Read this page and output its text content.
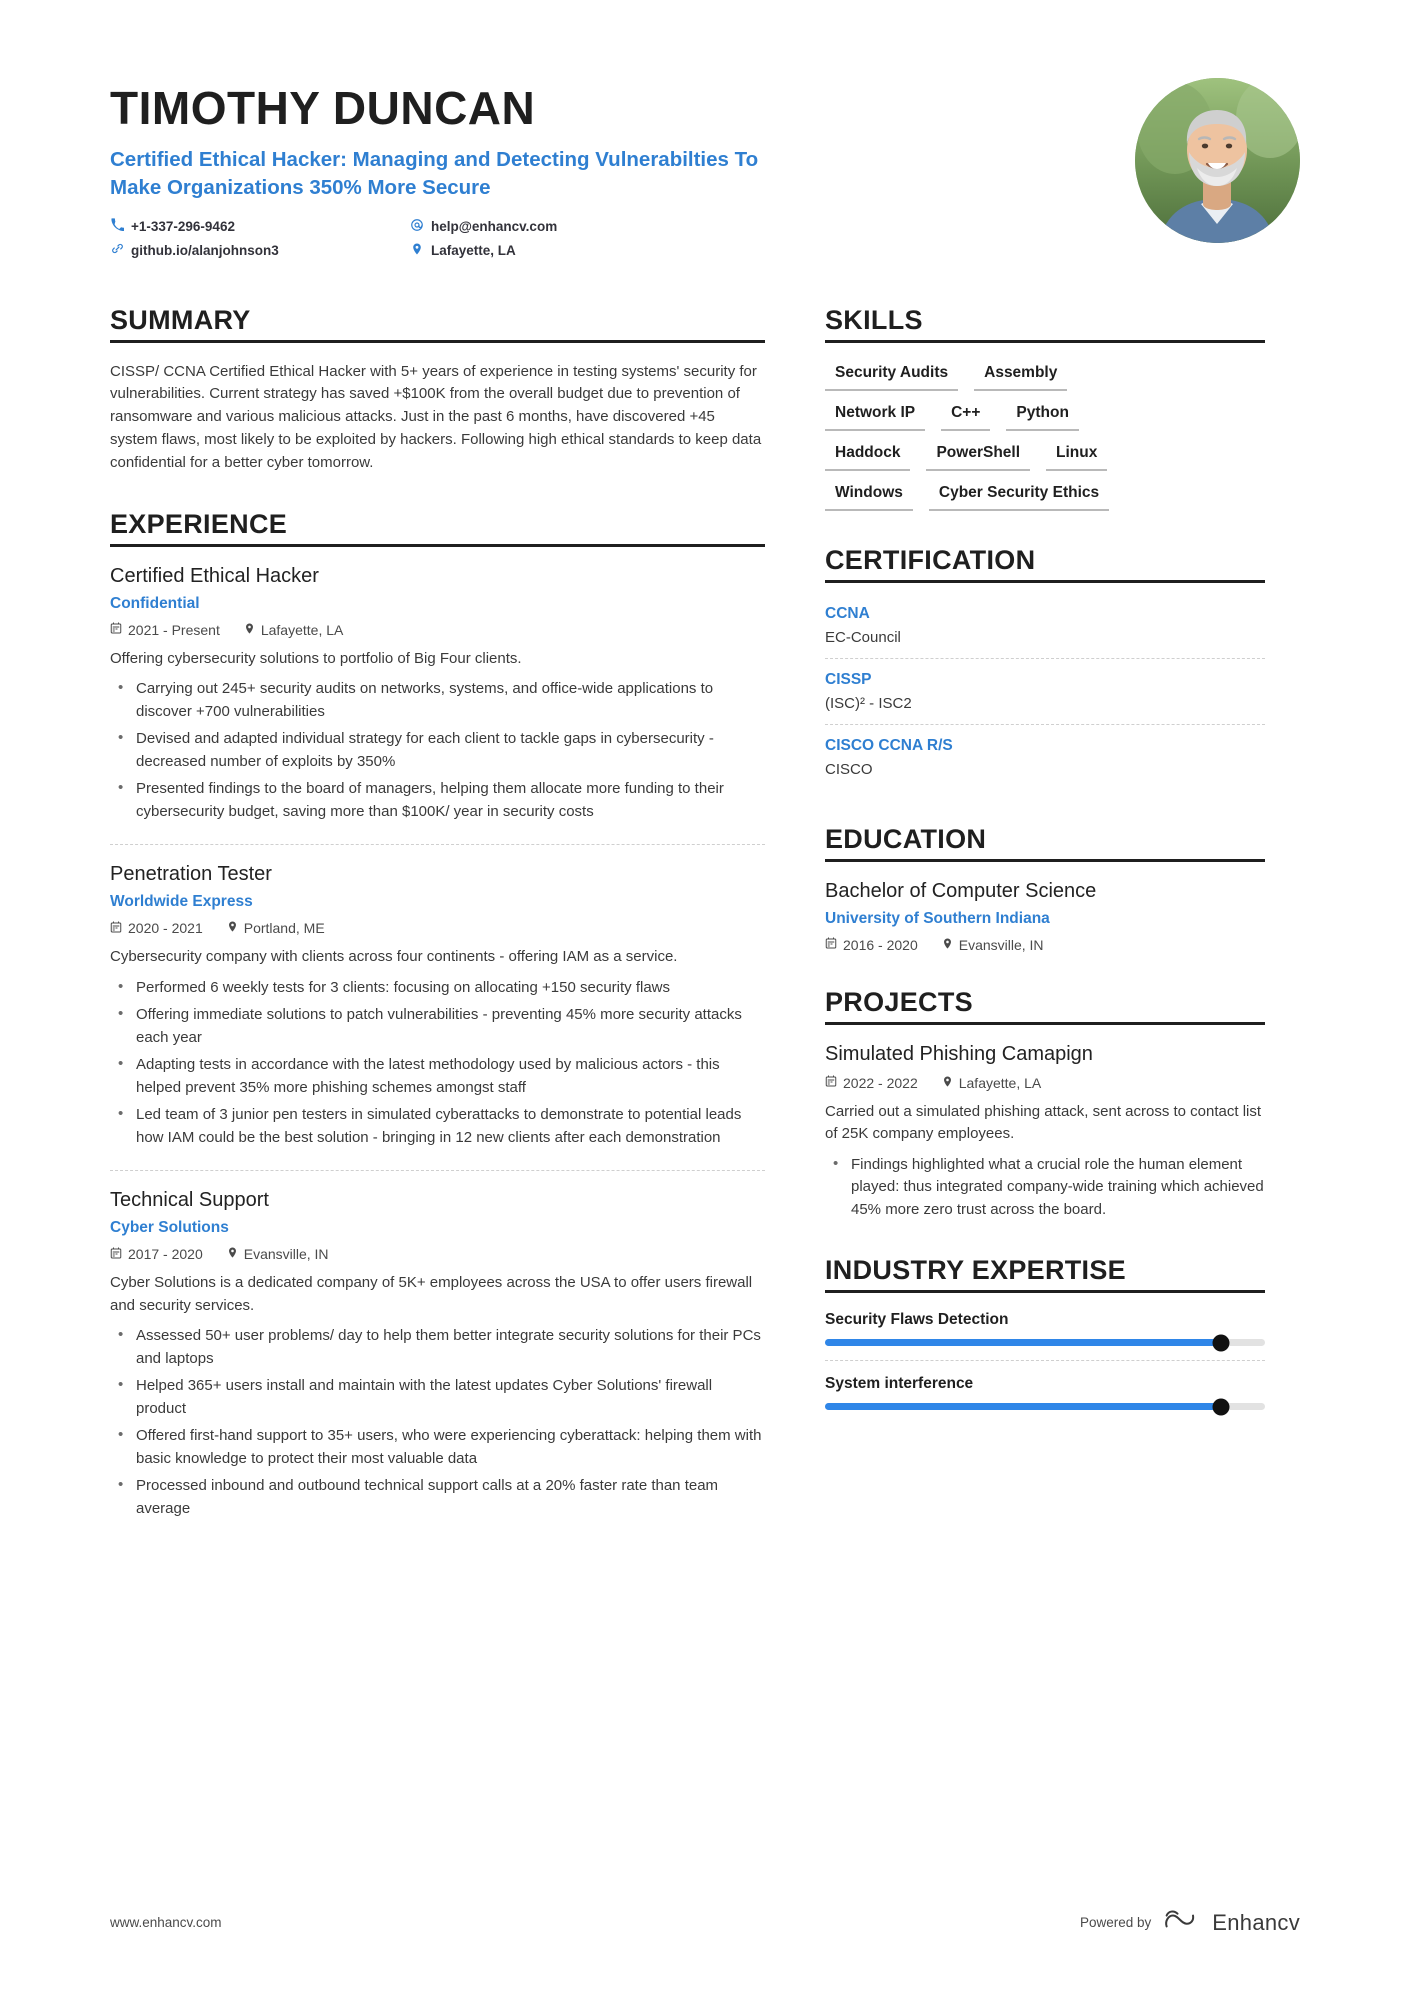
TIMOTHY DUNCAN
Certified Ethical Hacker: Managing and Detecting Vulnerabilties To Make Organizations 350% More Secure
+1-337-296-9462	help@enhancv.com
github.io/alanjohnson3	Lafayette, LA
SUMMARY
CISSP/ CCNA Certified Ethical Hacker with 5+ years of experience in testing systems' security for vulnerabilities. Current strategy has saved +$100K from the overall budget due to prevention of ransomware and various malicious attacks. Just in the past 6 months, have discovered +45 system flaws, most likely to be exploited by hackers. Following high ethical standards to keep data confidential for a better cyber tomorrow.
EXPERIENCE
Certified Ethical Hacker
Confidential
2021 - Present	Lafayette, LA
Offering cybersecurity solutions to portfolio of Big Four clients.
• Carrying out 245+ security audits on networks, systems, and office-wide applications to discover +700 vulnerabilities
• Devised and adapted individual strategy for each client to tackle gaps in cybersecurity - decreased number of exploits by 350%
• Presented findings to the board of managers, helping them allocate more funding to their cybersecurity budget, saving more than $100K/ year in security costs
Penetration Tester
Worldwide Express
2020 - 2021	Portland, ME
Cybersecurity company with clients across four continents - offering IAM as a service.
• Performed 6 weekly tests for 3 clients: focusing on allocating +150 security flaws
• Offering immediate solutions to patch vulnerabilities - preventing 45% more security attacks each year
• Adapting tests in accordance with the latest methodology used by malicious actors - this helped prevent 35% more phishing schemes amongst staff
• Led team of 3 junior pen testers in simulated cyberattacks to demonstrate to potential leads how IAM could be the best solution - bringing in 12 new clients after each demonstration
Technical Support
Cyber Solutions
2017 - 2020	Evansville, IN
Cyber Solutions is a dedicated company of 5K+ employees across the USA to offer users firewall and security services.
• Assessed 50+ user problems/ day to help them better integrate security solutions for their PCs and laptops
• Helped 365+ users install and maintain with the latest updates Cyber Solutions' firewall product
• Offered first-hand support to 35+ users, who were experiencing cyberattack: helping them with basic knowledge to protect their most valuable data
• Processed inbound and outbound technical support calls at a 20% faster rate than team average
SKILLS
Security Audits	Assembly
Network IP	C++	Python
Haddock	PowerShell	Linux
Windows	Cyber Security Ethics
CERTIFICATION
CCNA
EC-Council
CISSP
(ISC)² - ISC2
CISCO CCNA R/S
CISCO
EDUCATION
Bachelor of Computer Science
University of Southern Indiana
2016 - 2020	Evansville, IN
PROJECTS
Simulated Phishing Camapign
2022 - 2022	Lafayette, LA
Carried out a simulated phishing attack, sent across to contact list of 25K company employees.
• Findings highlighted what a crucial role the human element played: thus integrated company-wide training which achieved 45% more zero trust across the board.
INDUSTRY EXPERTISE
Security Flaws Detection
System interference
www.enhancv.com	Powered by	Enhancv
